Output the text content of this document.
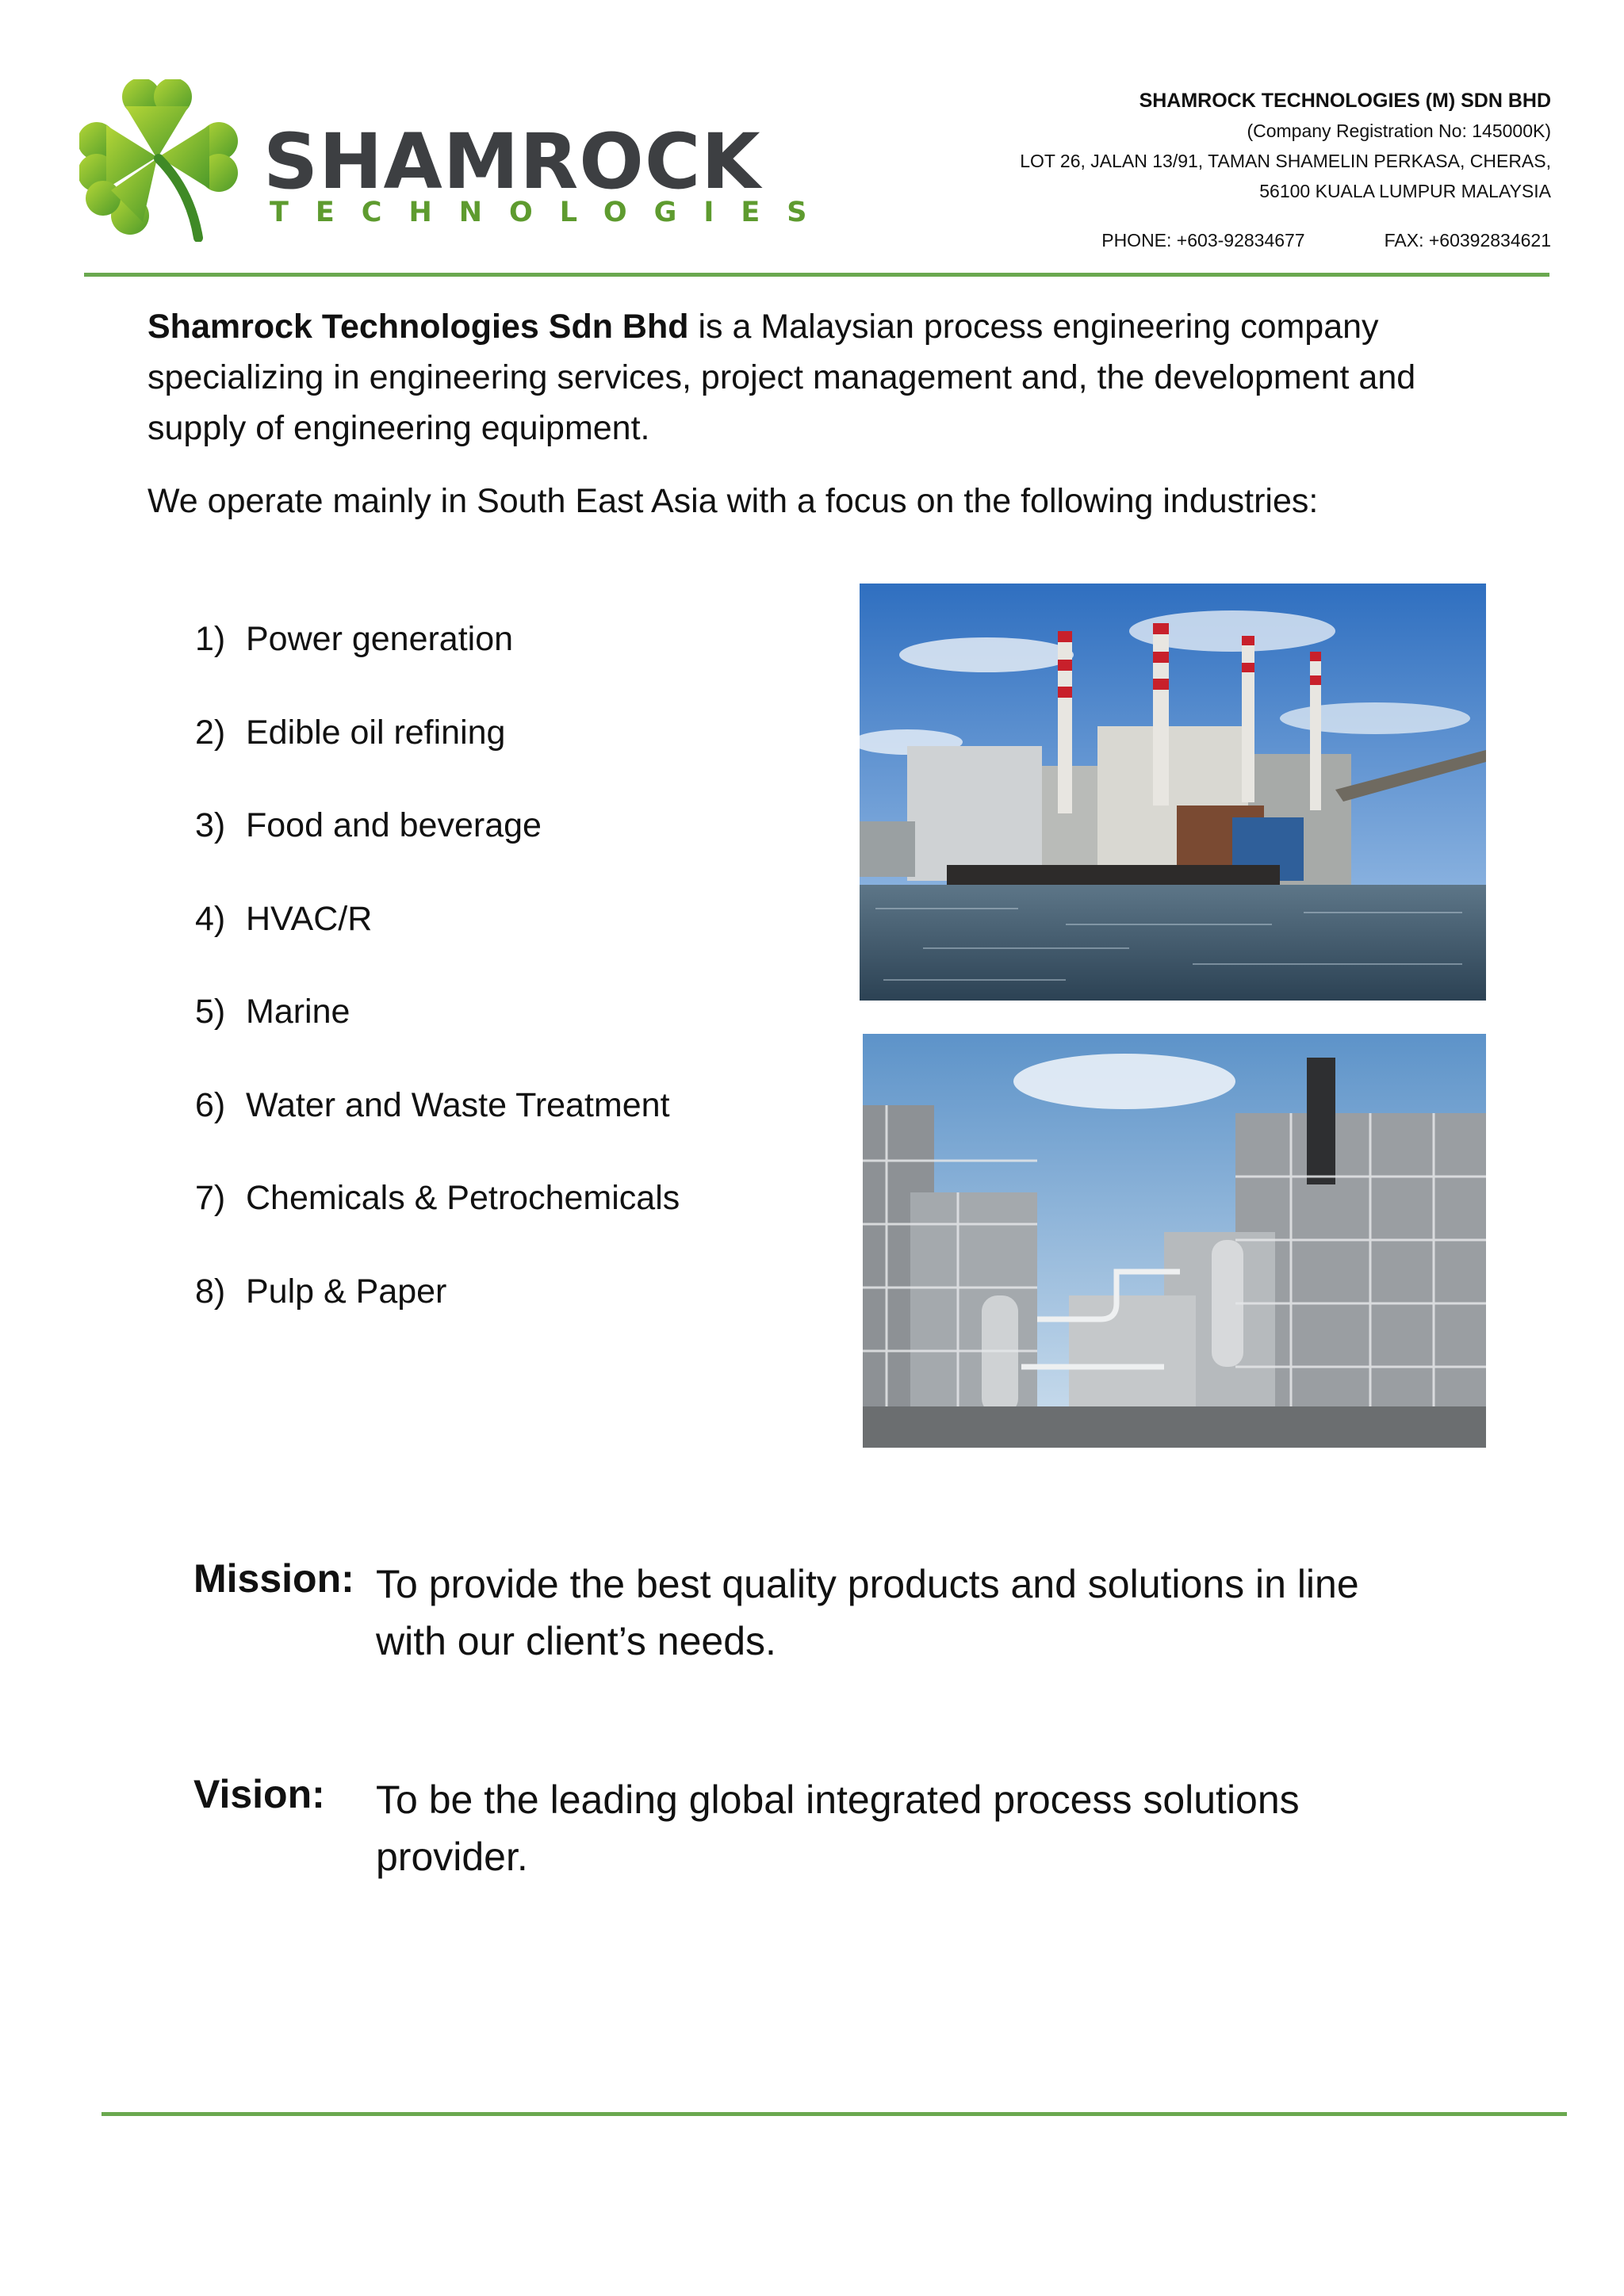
SHAMROCK
TECHNOLOGIES
SHAMROCK TECHNOLOGIES (M) SDN BHD
(Company Registration No: 145000K)
LOT 26, JALAN 13/91, TAMAN SHAMELIN PERKASA, CHERAS,
56100 KUALA LUMPUR MALAYSIA
PHONE: +603-92834677	FAX: +60392834621
Shamrock Technologies Sdn Bhd is a Malaysian process engineering company specializing in engineering services, project management and, the development and supply of engineering equipment.
We operate mainly in South East Asia with a focus on the following industries:
1) Power generation
2) Edible oil refining
3) Food and beverage
4) HVAC/R
5) Marine
6) Water and Waste Treatment
7) Chemicals & Petrochemicals
8) Pulp & Paper
Mission: To provide the best quality products and solutions in line with our client’s needs.
Vision: To be the leading global integrated process solutions provider.
